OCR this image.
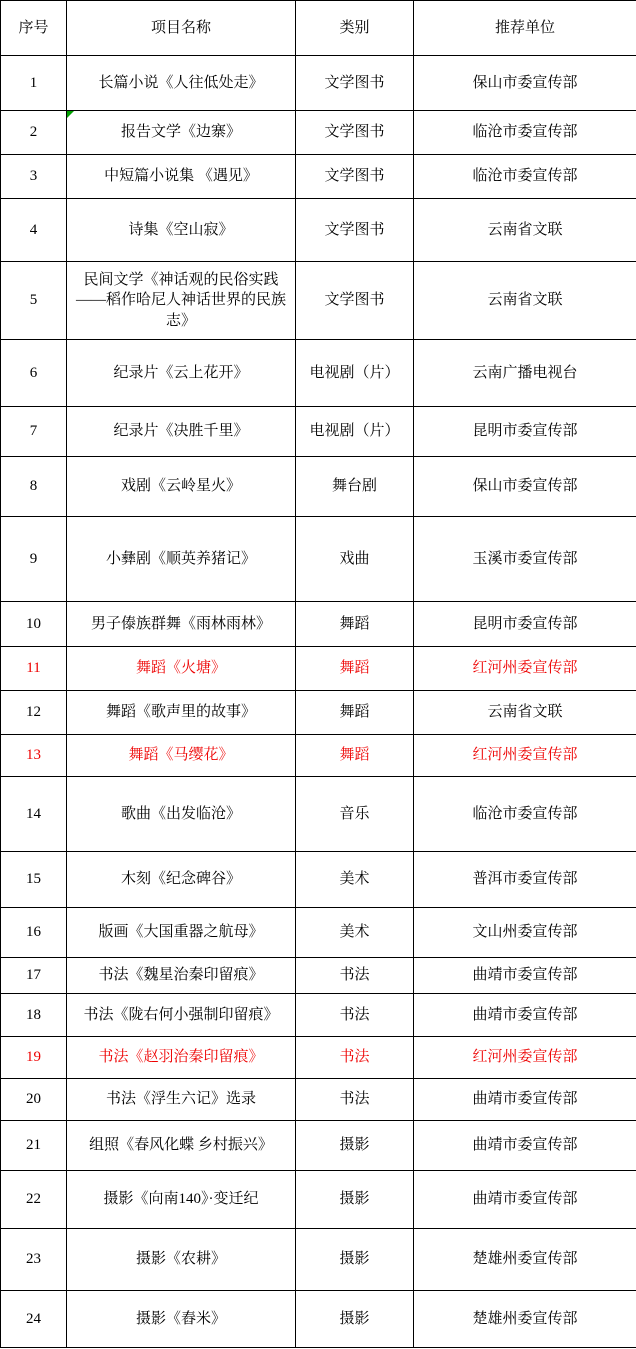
序号	项目名称	类别	推荐单位
1	长篇小说《人往低处走》	文学图书	保山市委宣传部
2	报告文学《边寨》	文学图书	临沧市委宣传部
3	中短篇小说集 《遇见》	文学图书	临沧市委宣传部
4	诗集《空山寂》	文学图书	云南省文联
5	民间文学《神话观的民俗实践——稻作哈尼人神话世界的民族志》	文学图书	云南省文联
6	纪录片《云上花开》	电视剧（片）	云南广播电视台
7	纪录片《决胜千里》	电视剧（片）	昆明市委宣传部
8	戏剧《云岭星火》	舞台剧	保山市委宣传部
9	小彝剧《顺英养猪记》	戏曲	玉溪市委宣传部
10	男子傣族群舞《雨林雨林》	舞蹈	昆明市委宣传部
11	舞蹈《火塘》	舞蹈	红河州委宣传部
12	舞蹈《歌声里的故事》	舞蹈	云南省文联
13	舞蹈《马缨花》	舞蹈	红河州委宣传部
14	歌曲《出发临沧》	音乐	临沧市委宣传部
15	木刻《纪念碑谷》	美术	普洱市委宣传部
16	版画《大国重器之航母》	美术	文山州委宣传部
17	书法《魏星治秦印留痕》	书法	曲靖市委宣传部
18	书法《陇右何小强制印留痕》	书法	曲靖市委宣传部
19	书法《赵羽治秦印留痕》	书法	红河州委宣传部
20	书法《浮生六记》选录	书法	曲靖市委宣传部
21	组照《春风化蝶 乡村振兴》	摄影	曲靖市委宣传部
22	摄影《向南140》·变迁纪	摄影	曲靖市委宣传部
23	摄影《农耕》	摄影	楚雄州委宣传部
24	摄影《舂米》	摄影	楚雄州委宣传部
